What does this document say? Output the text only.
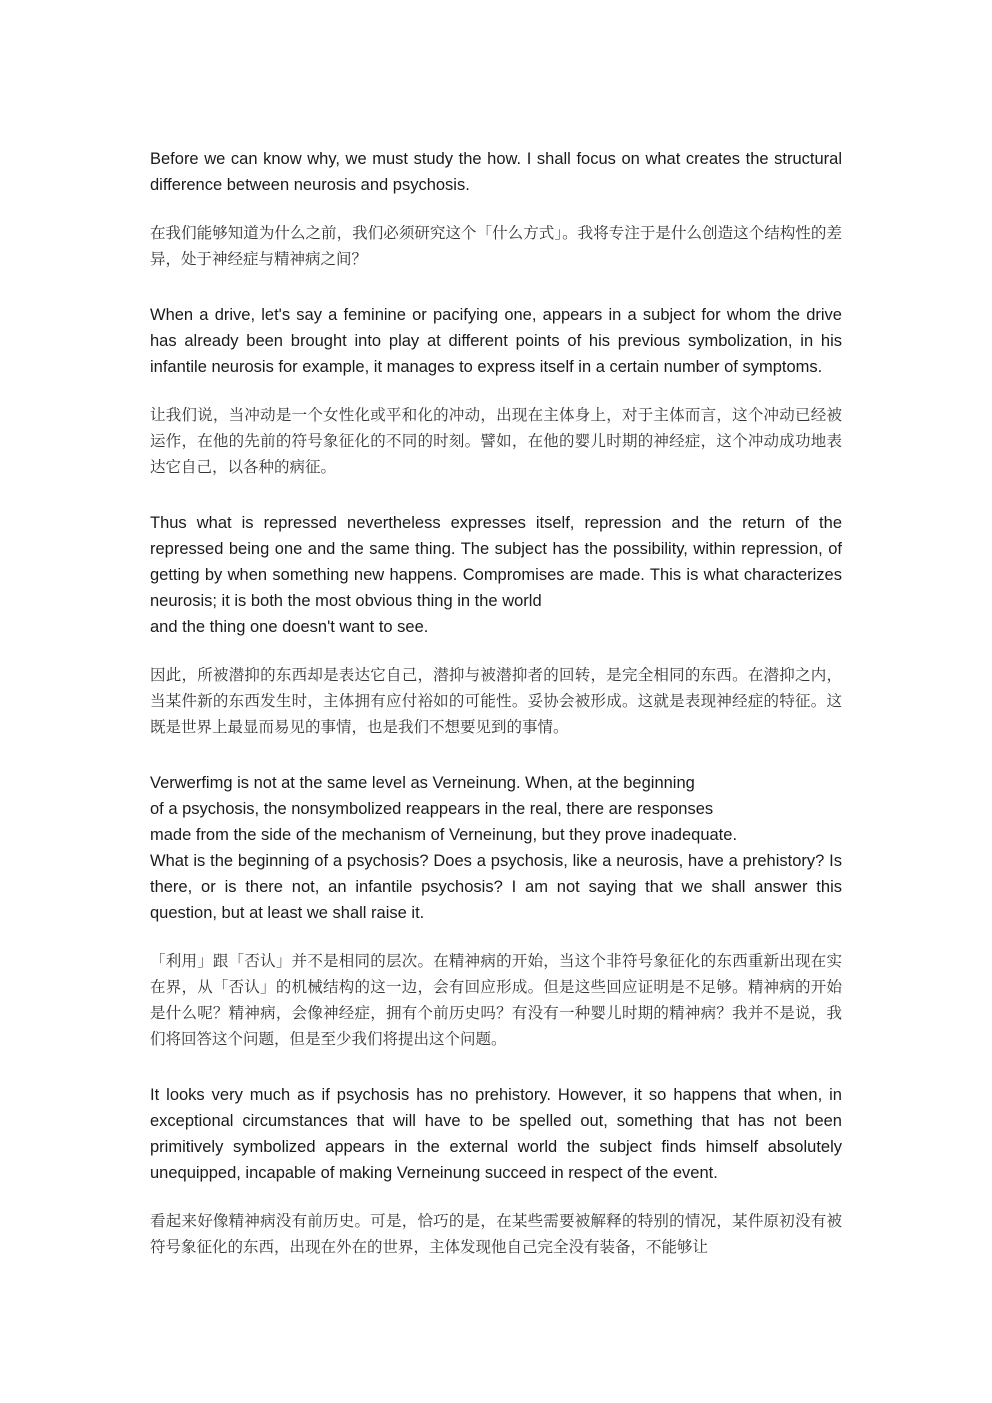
Before we can know why, we must study the how. I shall focus on what creates the structural difference between neurosis and psychosis.

在我们能够知道为什么之前，我们必须研究这个「什么方式」。我将专注于是什么创造这个结构性的差异，处于神经症与精神病之间？

When a drive, let's say a feminine or pacifying one, appears in a subject for whom the drive has already been brought into play at different points of his previous symbolization, in his infantile neurosis for example, it manages to express itself in a certain number of symptoms.

让我们说，当冲动是一个女性化或平和化的冲动，出现在主体身上，对于主体而言，这个冲动已经被运作，在他的先前的符号象征化的不同的时刻。譬如，在他的婴儿时期的神经症，这个冲动成功地表达它自己，以各种的病征。

Thus what is repressed nevertheless expresses itself, repression and the return of the repressed being one and the same thing. The subject has the possibility, within repression, of getting by when something new happens. Compromises are made. This is what characterizes neurosis; it is both the most obvious thing in the world
and the thing one doesn't want to see.

因此，所被潜抑的东西却是表达它自己，潜抑与被潜抑者的回转，是完全相同的东西。在潜抑之内，当某件新的东西发生时，主体拥有应付裕如的可能性。妥协会被形成。这就是表现神经症的特征。这既是世界上最显而易见的事情，也是我们不想要见到的事情。

Verwerfimg is not at the same level as Verneinung. When, at the beginning
of a psychosis, the nonsymbolized reappears in the real, there are responses
made from the side of the mechanism of Verneinung, but they prove inadequate.
What is the beginning of a psychosis? Does a psychosis, like a neurosis, have a prehistory? Is there, or is there not, an infantile psychosis? I am not saying that we shall answer this question, but at least we shall raise it.

「利用」跟「否认」并不是相同的层次。在精神病的开始，当这个非符号象征化的东西重新出现在实在界，从「否认」的机械结构的这一边，会有回应形成。但是这些回应证明是不足够。精神病的开始是什么呢？精神病，会像神经症，拥有个前历史吗？有没有一种婴儿时期的精神病？我并不是说，我们将回答这个问题，但是至少我们将提出这个问题。

It looks very much as if psychosis has no prehistory. However, it so happens that when, in exceptional circumstances that will have to be spelled out, something that has not been primitively symbolized appears in the external world the subject finds himself absolutely unequipped, incapable of making Verneinung succeed in respect of the event.

看起来好像精神病没有前历史。可是，恰巧的是，在某些需要被解释的特别的情况，某件原初没有被符号象征化的东西，出现在外在的世界，主体发现他自己完全没有装备，不能够让
